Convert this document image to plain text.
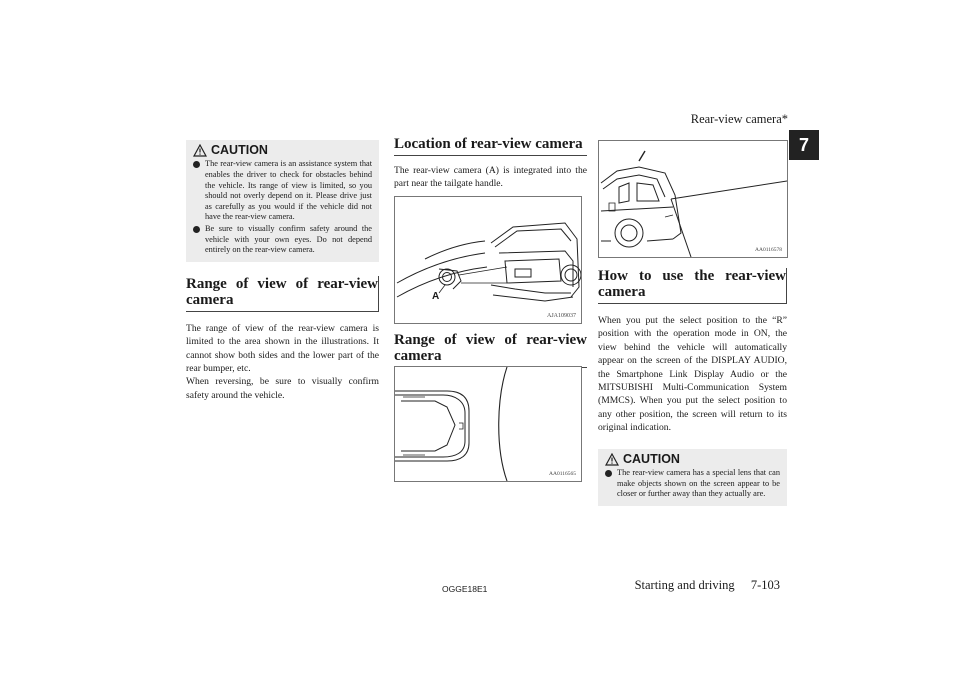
Rear-view camera*
7
CAUTION
The rear-view camera is an assistance system that enables the driver to check for obstacles behind the vehicle. Its range of view is limited, so you should not overly depend on it. Please drive just as carefully as you would if the vehicle did not have the rear-view camera.
Be sure to visually confirm safety around the vehicle with your own eyes. Do not depend entirely on the rear-view camera.
Range of view of rear-view camera

The range of view of the rear-view camera is limited to the area shown in the illustrations. It cannot show both sides and the lower part of the rear bumper, etc.

When reversing, be sure to visually confirm safety around the vehicle.

Location of rear-view camera

The rear-view camera (A) is integrated into the part near the tailgate handle.

A
AJA109037
Range of view of rear-view camera
AA0116565
AA0116578
How to use the rear-view camera

When you put the select position to the “R” position with the operation mode in ON, the view behind the vehicle will automatically appear on the screen of the DISPLAY AUDIO, the Smartphone Link Display Audio or the MITSUBISHI Multi-Communication System (MMCS). When you put the select position to any other position, the screen will return to its original indication.

CAUTION
The rear-view camera has a special lens that can make objects shown on the screen appear to be closer or further away than they actually are.
OGGE18E1	Starting and driving 7-103
